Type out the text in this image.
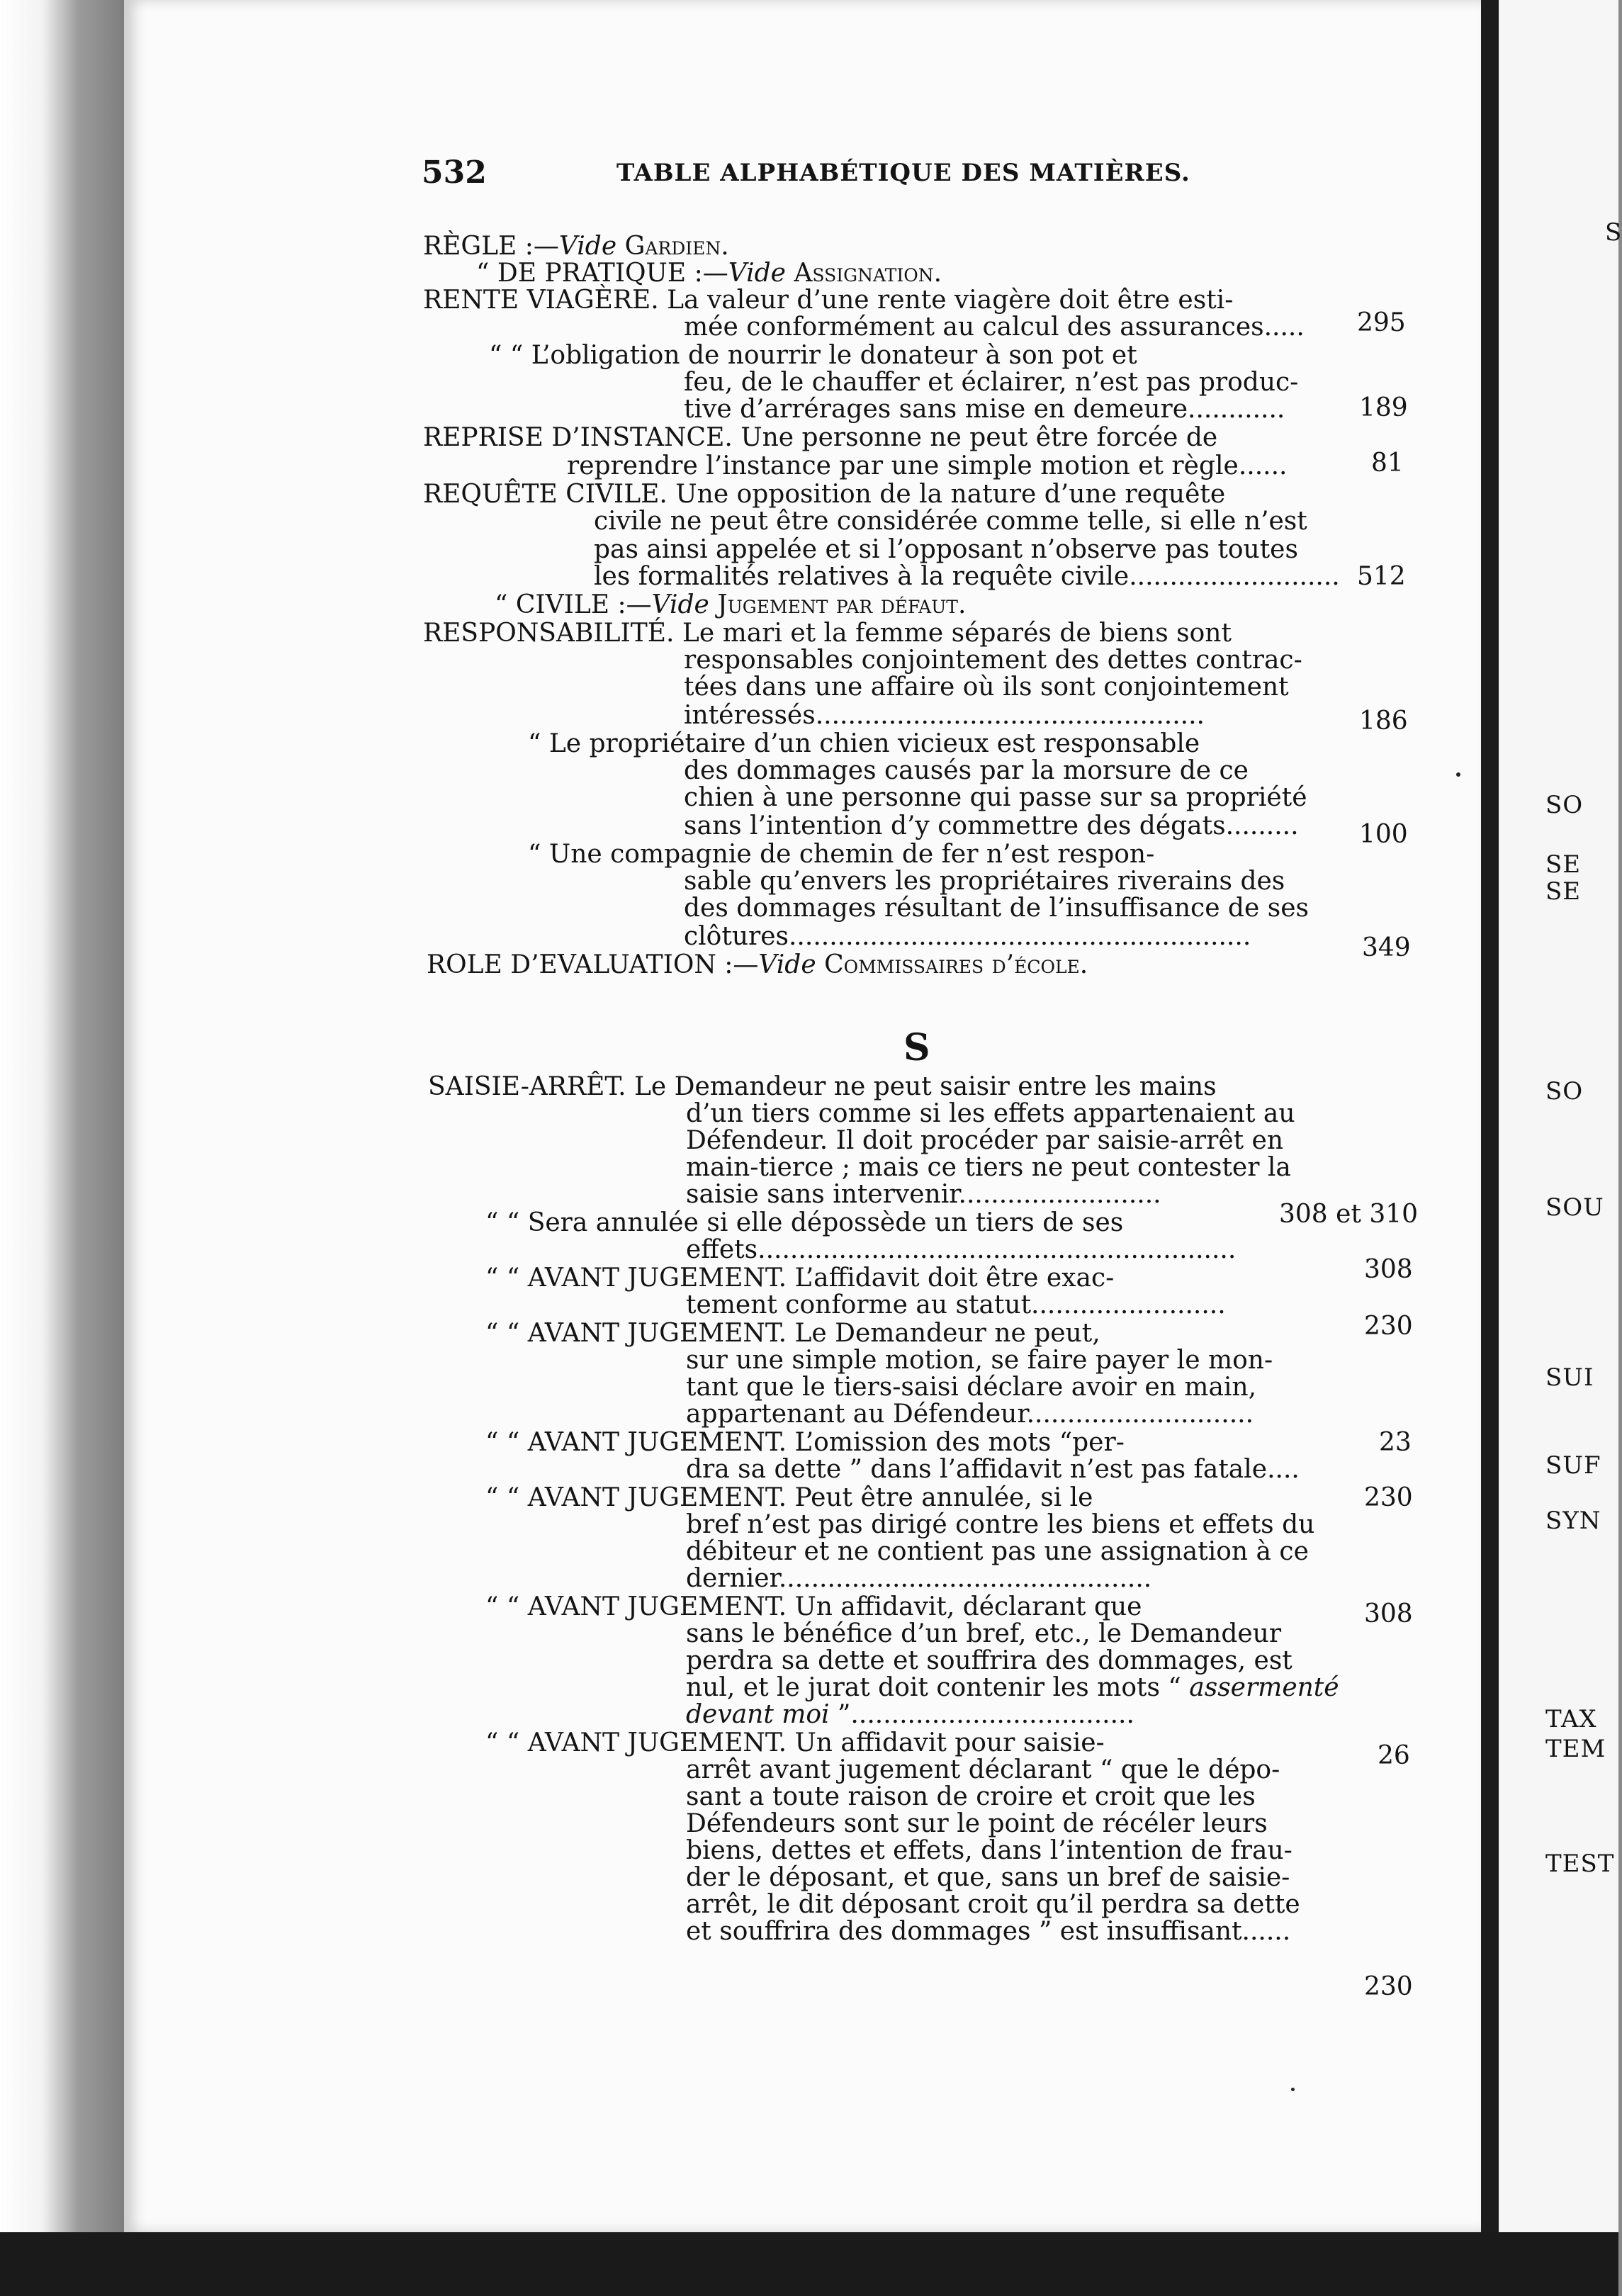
532	TABLE ALPHABÉTIQUE DES MATIÈRES.
S
RÈGLE :—Vide Gardien.
“ DE PRATIQUE :—Vide Assignation.
RENTE VIAGÈRE. La valeur d’une rente viagère doit être esti-
mée conformément au calcul des assurances.....
“ “ L’obligation de nourrir le donateur à son pot et
feu, de le chauffer et éclairer, n’est pas produc-
tive d’arrérages sans mise en demeure............
REPRISE D’INSTANCE. Une personne ne peut être forcée de
reprendre l’instance par une simple motion et règle......
REQUÊTE CIVILE. Une opposition de la nature d’une requête
civile ne peut être considérée comme telle, si elle n’est
pas ainsi appelée et si l’opposant n’observe pas toutes
les formalités relatives à la requête civile..........................
“ CIVILE :—Vide Jugement par défaut.
RESPONSABILITÉ. Le mari et la femme séparés de biens sont
responsables conjointement des dettes contrac-
tées dans une affaire où ils sont conjointement
intéressés................................................
“ Le propriétaire d’un chien vicieux est responsable
des dommages causés par la morsure de ce
chien à une personne qui passe sur sa propriété
sans l’intention d’y commettre des dégats.........
“ Une compagnie de chemin de fer n’est respon-
sable qu’envers les propriétaires riverains des
des dommages résultant de l’insuffisance de ses
clôtures.........................................................
ROLE D’EVALUATION :—Vide Commissaires d’école.
SAISIE-ARRÊT. Le Demandeur ne peut saisir entre les mains
d’un tiers comme si les effets appartenaient au
Défendeur. Il doit procéder par saisie-arrêt en
main-tierce ; mais ce tiers ne peut contester la
saisie sans intervenir.........................
“ “ Sera annulée si elle dépossède un tiers de ses
effets...........................................................
“ “ AVANT JUGEMENT. L’affidavit doit être exac-
tement conforme au statut........................
“ “ AVANT JUGEMENT. Le Demandeur ne peut,
sur une simple motion, se faire payer le mon-
tant que le tiers-saisi déclare avoir en main,
appartenant au Défendeur............................
“ “ AVANT JUGEMENT. L’omission des mots “per-
dra sa dette ” dans l’affidavit n’est pas fatale....
“ “ AVANT JUGEMENT. Peut être annulée, si le
bref n’est pas dirigé contre les biens et effets du
débiteur et ne contient pas une assignation à ce
dernier..............................................
“ “ AVANT JUGEMENT. Un affidavit, déclarant que
sans le bénéfice d’un bref, etc., le Demandeur
perdra sa dette et souffrira des dommages, est
nul, et le jurat doit contenir les mots “ assermenté
devant moi ”...................................
“ “ AVANT JUGEMENT. Un affidavit pour saisie-
arrêt avant jugement déclarant “ que le dépo-
sant a toute raison de croire et croit que les
Défendeurs sont sur le point de récéler leurs
biens, dettes et effets, dans l’intention de frau-
der le déposant, et que, sans un bref de saisie-
arrêt, le dit déposant croit qu’il perdra sa dette
et souffrira des dommages ” est insuffisant......
295
189
81
512
186
100
349
308 et 310
308
230
23
230
308
26
230
S
SO
SE
SE
SO
SOU
SUI
SUF
SYN
TAX
TEM
TEST
